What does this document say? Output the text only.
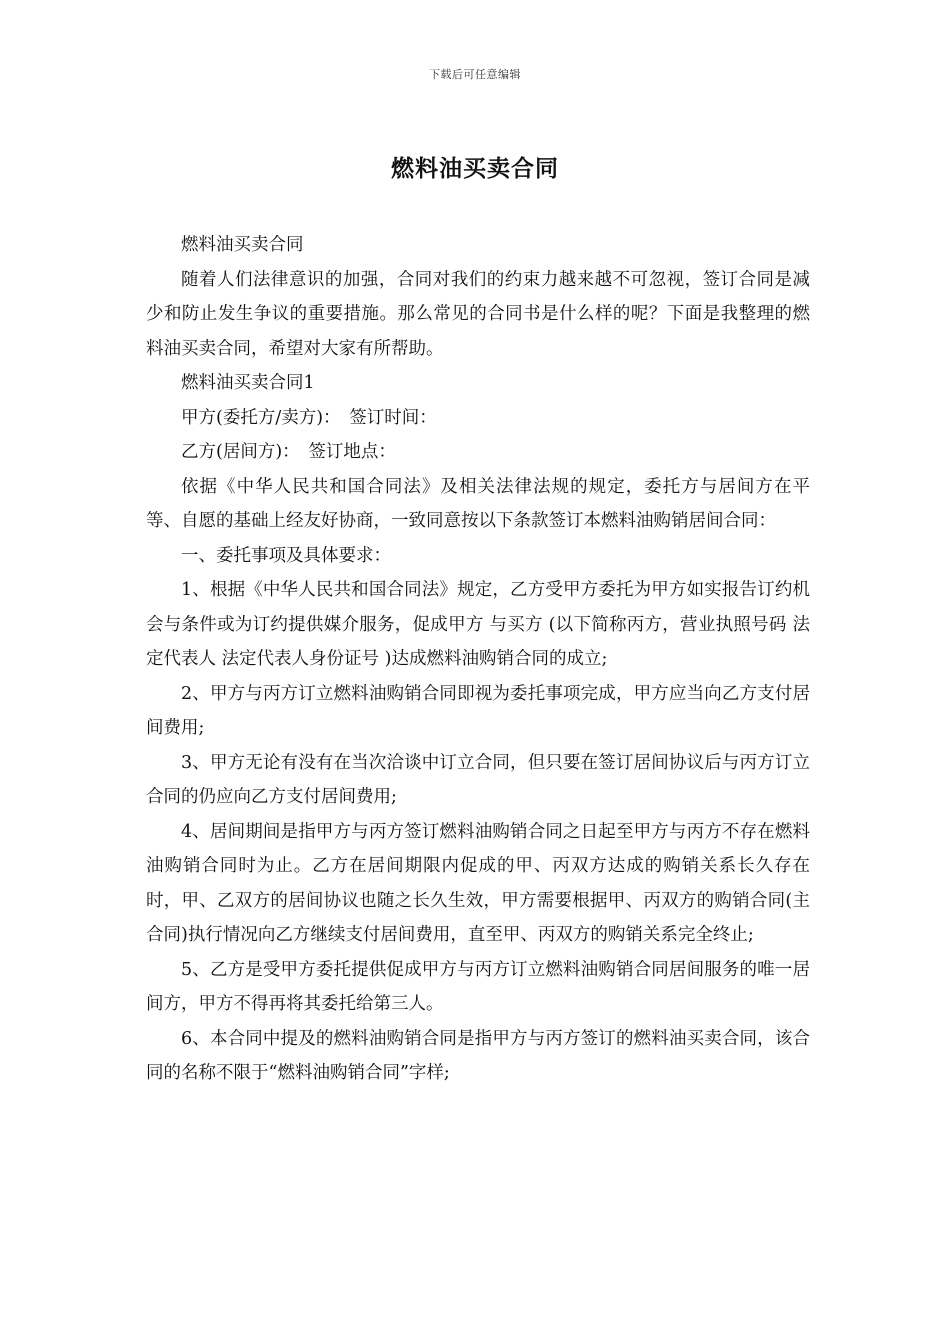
下载后可任意编辑
燃料油买卖合同

燃料油买卖合同

随着人们法律意识的加强，合同对我们的约束力越来越不可忽视，签订合同是减少和防止发生争议的重要措施。那么常见的合同书是什么样的呢？下面是我整理的燃料油买卖合同，希望对大家有所帮助。

燃料油买卖合同1

甲方(委托方/卖方)：　签订时间：

乙方(居间方)：　签订地点：

依据《中华人民共和国合同法》及相关法律法规的规定，委托方与居间方在平等、自愿的基础上经友好协商，一致同意按以下条款签订本燃料油购销居间合同：

一、委托事项及具体要求：

1、根据《中华人民共和国合同法》规定，乙方受甲方委托为甲方如实报告订约机会与条件或为订约提供媒介服务，促成甲方 与买方 (以下简称丙方，营业执照号码 法定代表人 法定代表人身份证号 )达成燃料油购销合同的成立;

2、甲方与丙方订立燃料油购销合同即视为委托事项完成，甲方应当向乙方支付居间费用;

3、甲方无论有没有在当次洽谈中订立合同，但只要在签订居间协议后与丙方订立合同的仍应向乙方支付居间费用;

4、居间期间是指甲方与丙方签订燃料油购销合同之日起至甲方与丙方不存在燃料油购销合同时为止。乙方在居间期限内促成的甲、丙双方达成的购销关系长久存在时，甲、乙双方的居间协议也随之长久生效，甲方需要根据甲、丙双方的购销合同(主合同)执行情况向乙方继续支付居间费用，直至甲、丙双方的购销关系完全终止;

5、乙方是受甲方委托提供促成甲方与丙方订立燃料油购销合同居间服务的唯一居间方，甲方不得再将其委托给第三人。

6、本合同中提及的燃料油购销合同是指甲方与丙方签订的燃料油买卖合同，该合同的名称不限于“燃料油购销合同”字样;
